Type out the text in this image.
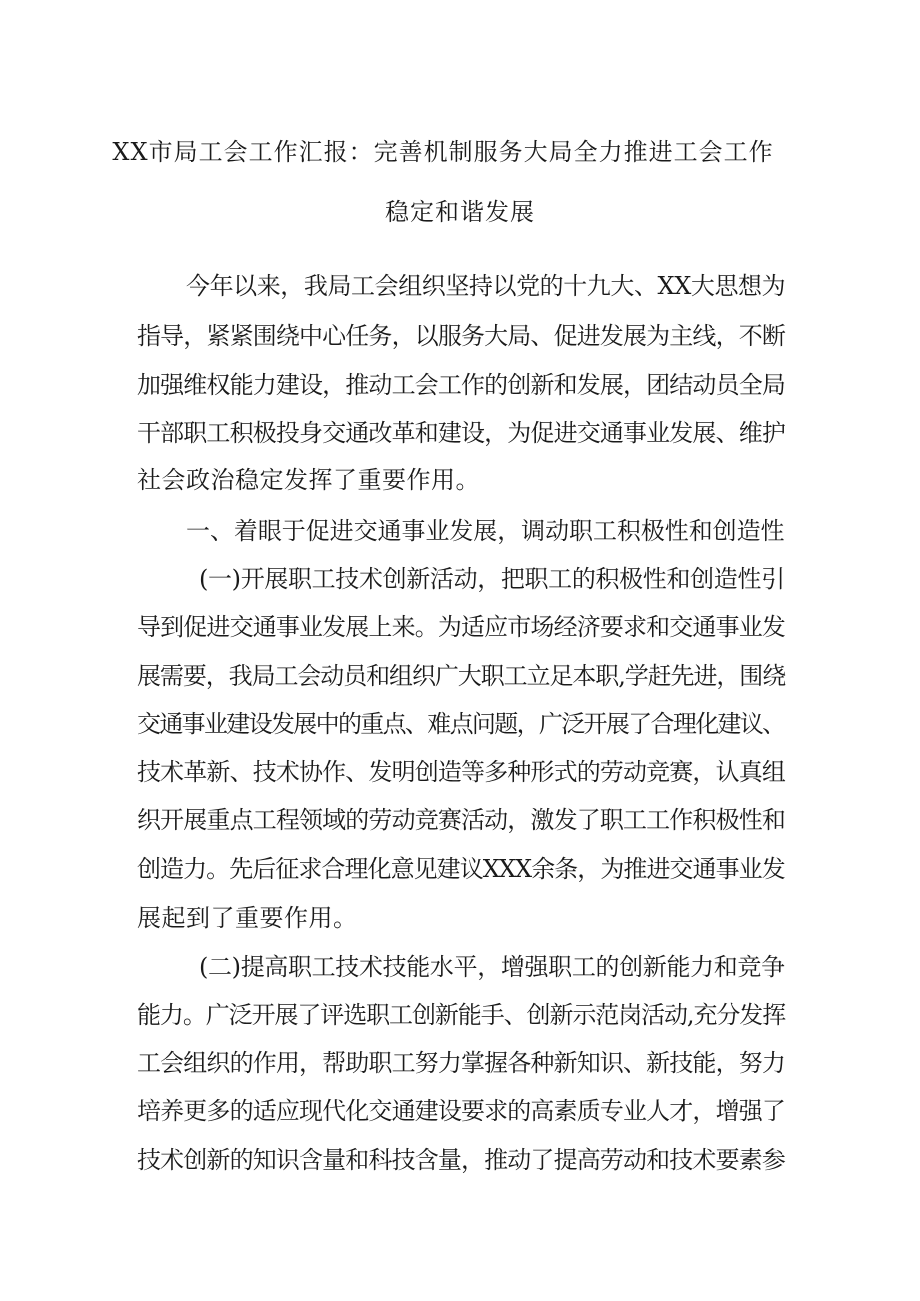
XX市局工会工作汇报：完善机制服务大局全力推进工会工作
稳定和谐发展
今年以来，我局工会组织坚持以党的十九大、XX大思想为
指导，紧紧围绕中心任务，以服务大局、促进发展为主线，不断
加强维权能力建设，推动工会工作的创新和发展，团结动员全局
干部职工积极投身交通改革和建设，为促进交通事业发展、维护
社会政治稳定发挥了重要作用。
一、着眼于促进交通事业发展，调动职工积极性和创造性
(一)开展职工技术创新活动，把职工的积极性和创造性引
导到促进交通事业发展上来。为适应市场经济要求和交通事业发
展需要，我局工会动员和组织广大职工立足本职,学赶先进，围绕
交通事业建设发展中的重点、难点问题，广泛开展了合理化建议、
技术革新、技术协作、发明创造等多种形式的劳动竞赛，认真组
织开展重点工程领域的劳动竞赛活动，激发了职工工作积极性和
创造力。先后征求合理化意见建议XXX余条，为推进交通事业发
展起到了重要作用。
(二)提高职工技术技能水平，增强职工的创新能力和竞争
能力。广泛开展了评选职工创新能手、创新示范岗活动,充分发挥
工会组织的作用，帮助职工努力掌握各种新知识、新技能，努力
培养更多的适应现代化交通建设要求的高素质专业人才，增强了
技术创新的知识含量和科技含量，推动了提高劳动和技术要素参
